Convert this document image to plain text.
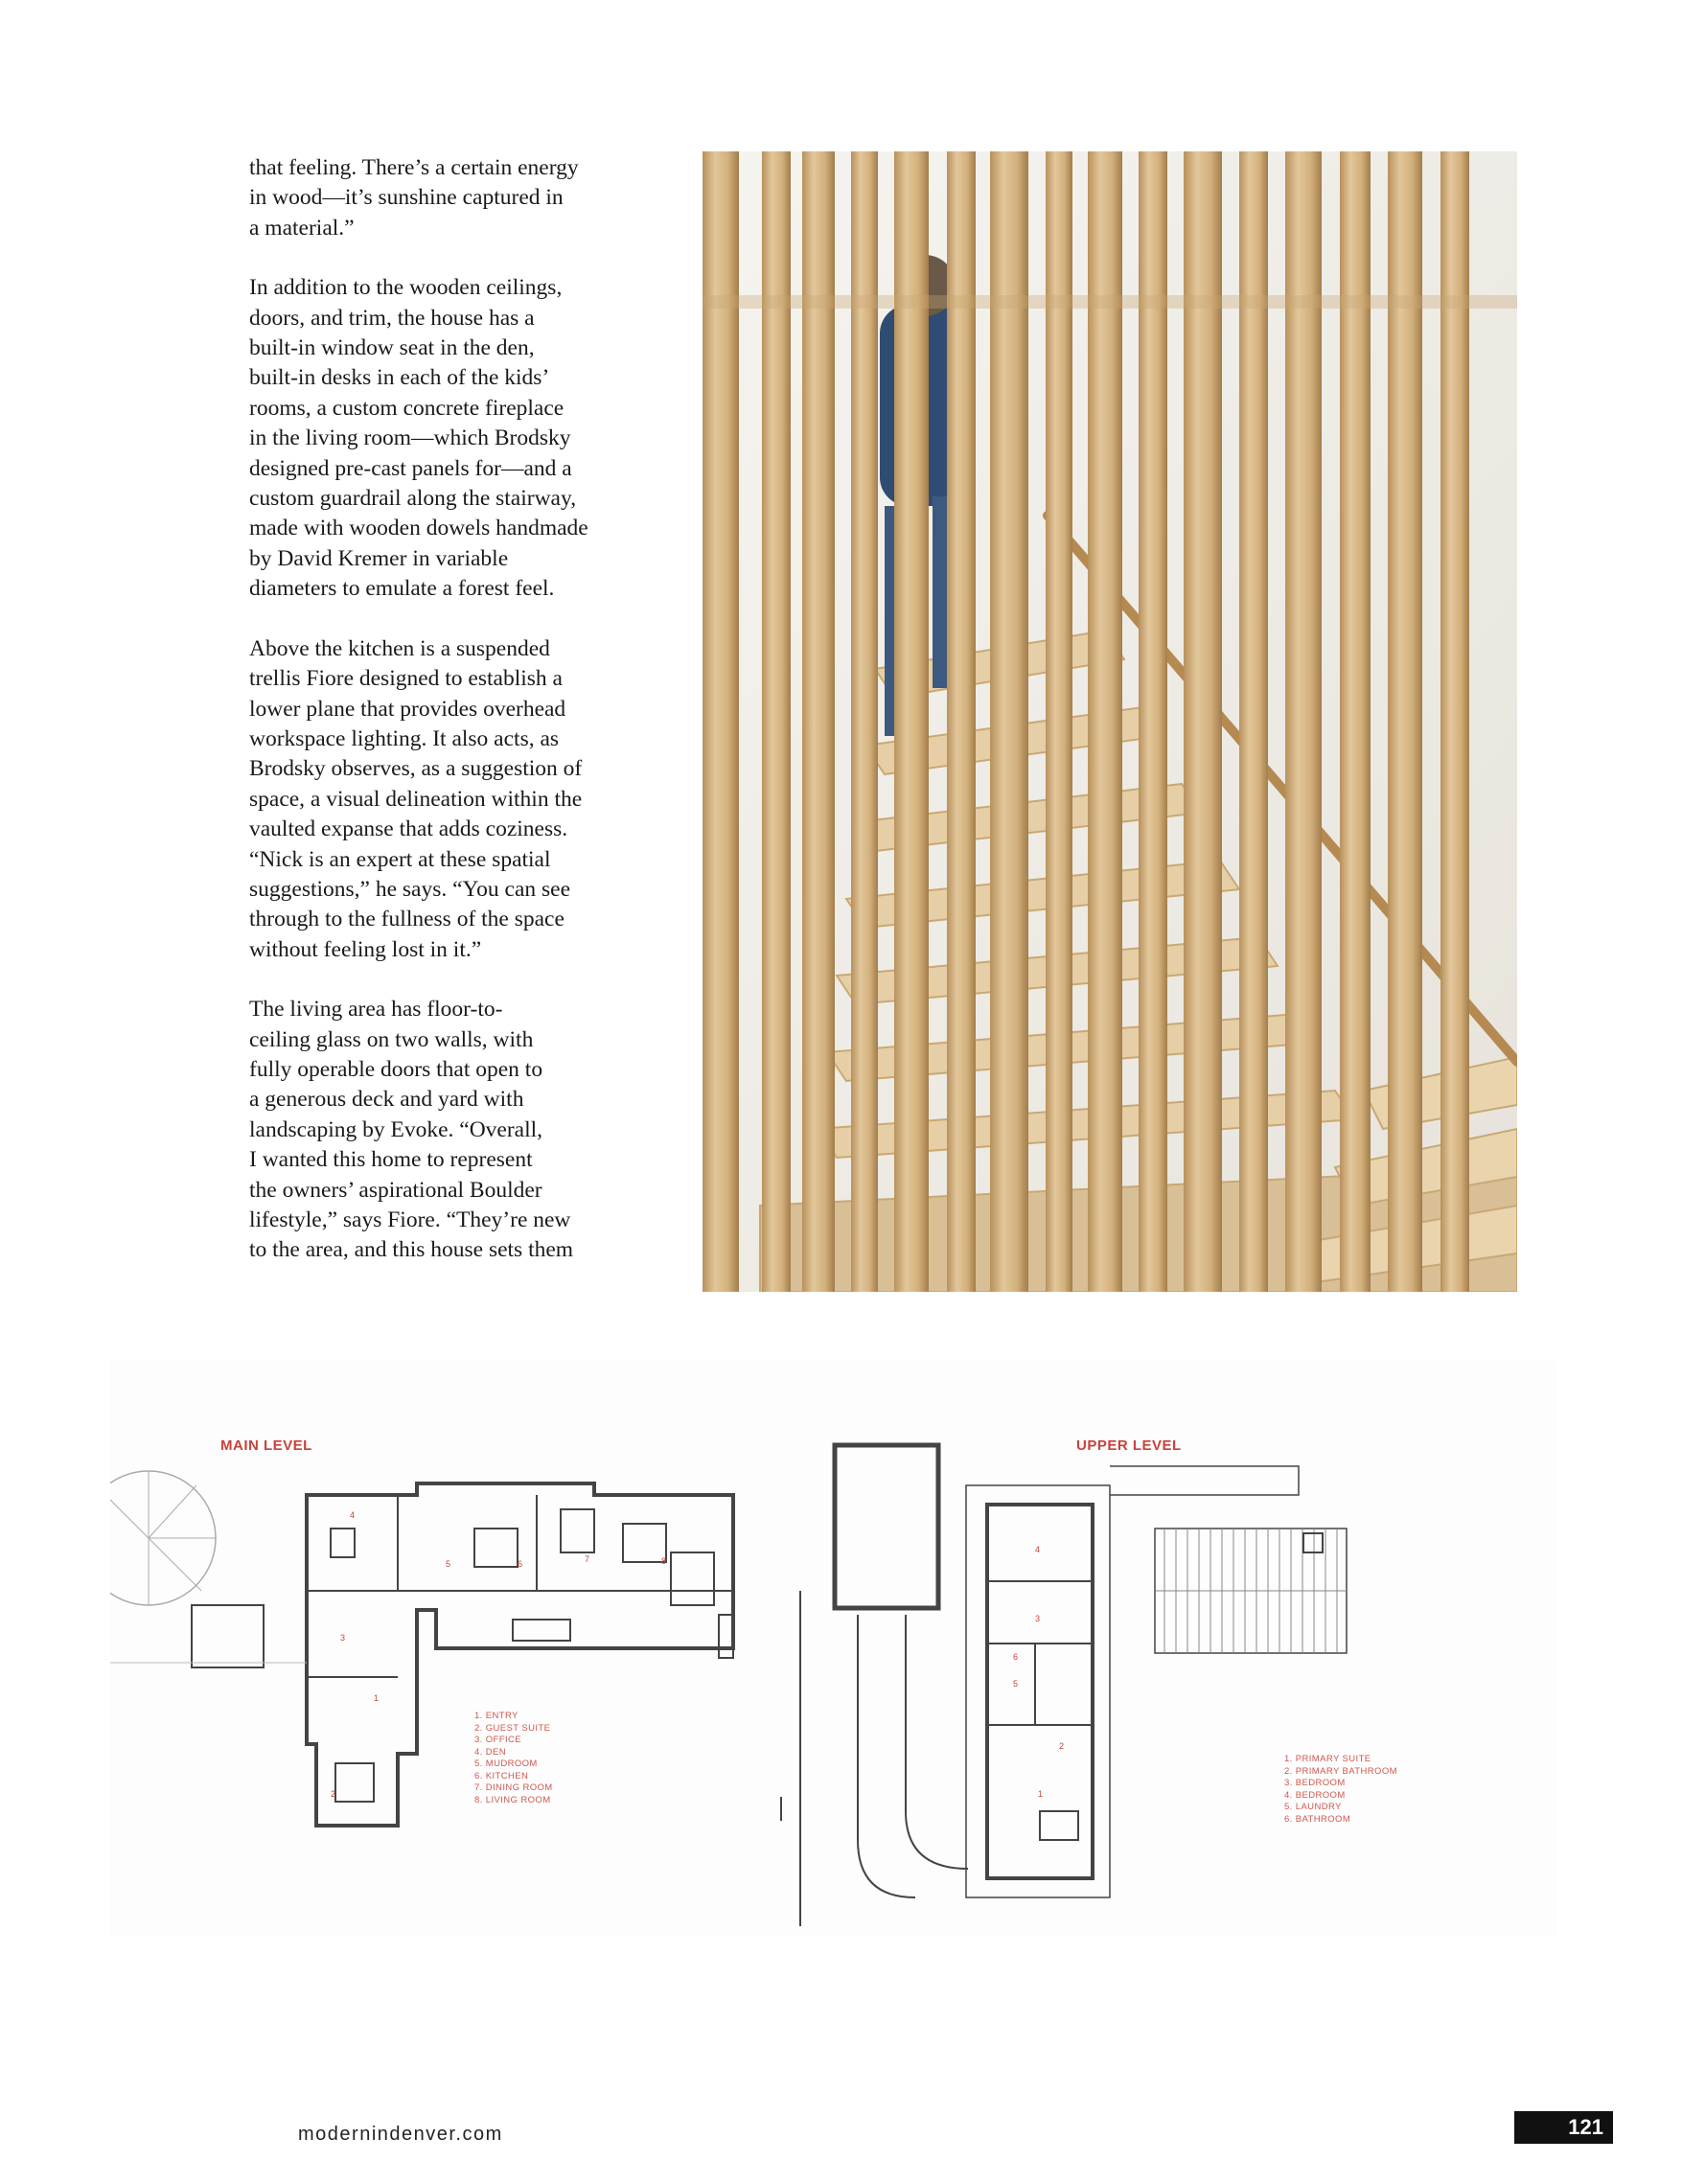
that feeling. There’s a certain energy
in wood—it’s sunshine captured in
a material.”

In addition to the wooden ceilings,
doors, and trim, the house has a
built-in window seat in the den,
built-in desks in each of the kids’
rooms, a custom concrete fireplace
in the living room—which Brodsky
designed pre-cast panels for—and a
custom guardrail along the stairway,
made with wooden dowels handmade
by David Kremer in variable
diameters to emulate a forest feel.

Above the kitchen is a suspended
trellis Fiore designed to establish a
lower plane that provides overhead
workspace lighting. It also acts, as
Brodsky observes, as a suggestion of
space, a visual delineation within the
vaulted expanse that adds coziness.
“Nick is an expert at these spatial
suggestions,” he says. “You can see
through to the fullness of the space
without feeling lost in it.”

The living area has floor-to-
ceiling glass on two walls, with
fully operable doors that open to
a generous deck and yard with
landscaping by Evoke. “Overall,
I wanted this home to represent
the owners’ aspirational Boulder
lifestyle,” says Fiore. “They’re new
to the area, and this house sets them

MAIN LEVEL	UPPER LEVEL
1
2
3
4
5	6	7	8
1
2
3
4
5
6
1. ENTRY
2. GUEST SUITE
3. OFFICE
4. DEN
5. MUDROOM
6. KITCHEN
7. DINING ROOM
8. LIVING ROOM
1. PRIMARY SUITE
2. PRIMARY BATHROOM
3. BEDROOM
4. BEDROOM
5. LAUNDRY
6. BATHROOM
modernindenver.com	121
